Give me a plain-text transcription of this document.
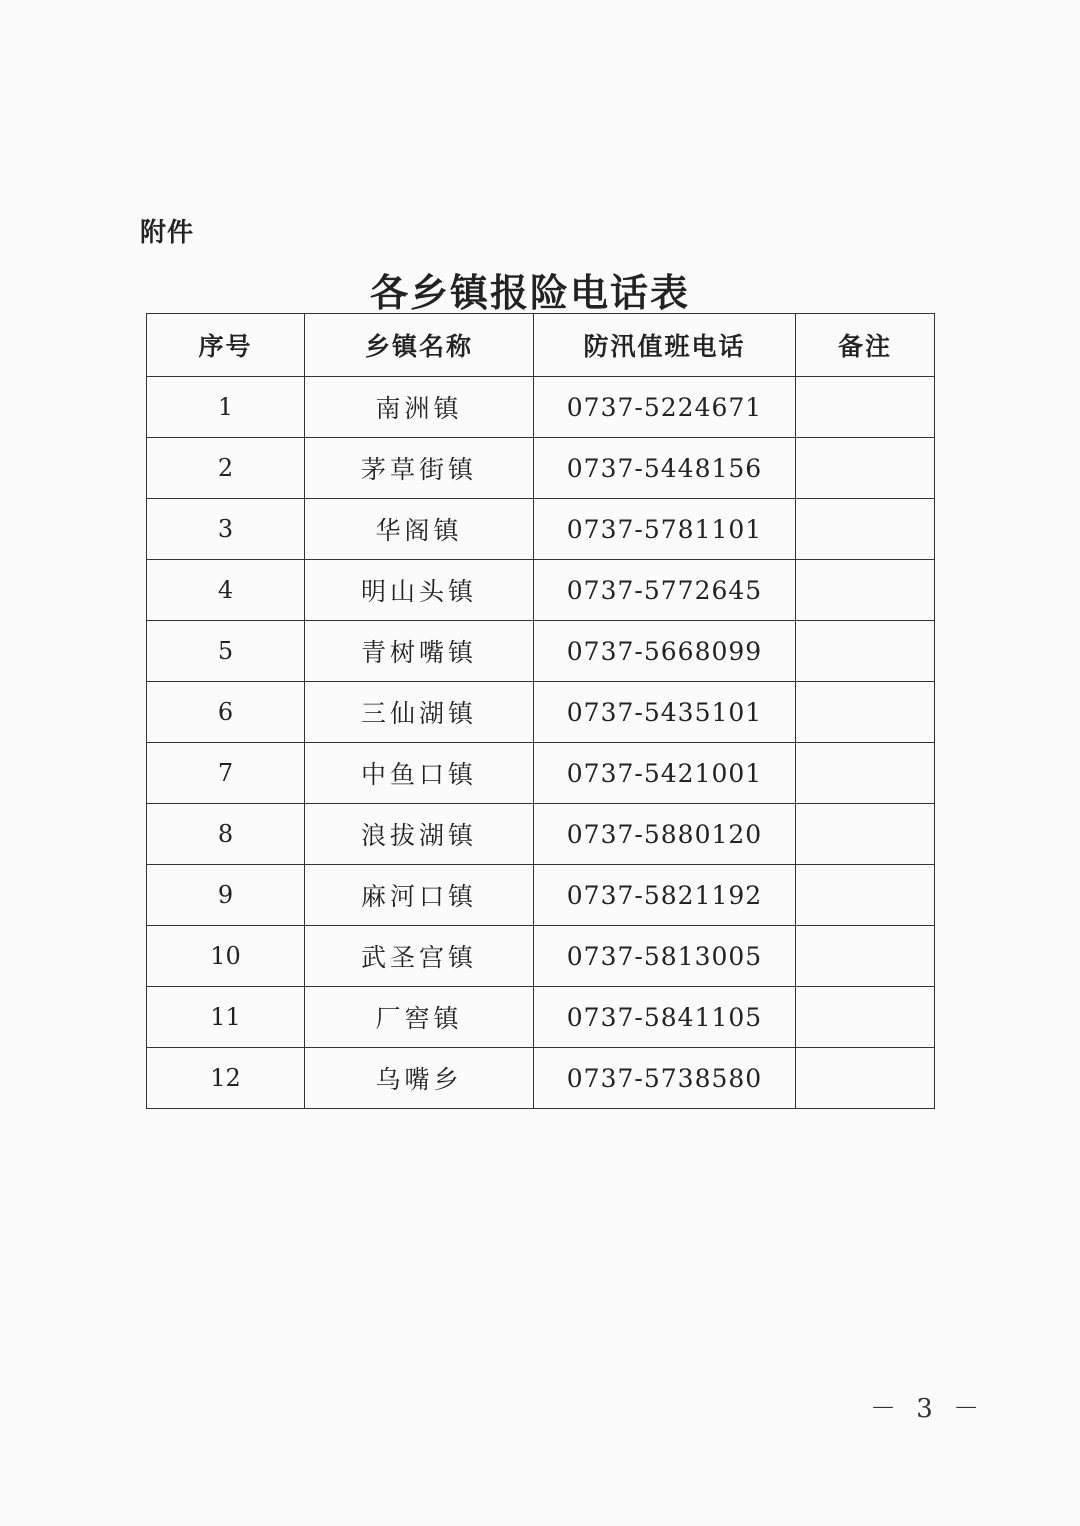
附件
各乡镇报险电话表
序号	乡镇名称	防汛值班电话	备注
1	南洲镇	0737-5224671	
2	茅草街镇	0737-5448156	
3	华阁镇	0737-5781101	
4	明山头镇	0737-5772645	
5	青树嘴镇	0737-5668099	
6	三仙湖镇	0737-5435101	
7	中鱼口镇	0737-5421001	
8	浪拔湖镇	0737-5880120	
9	麻河口镇	0737-5821192	
10	武圣宫镇	0737-5813005	
11	厂窖镇	0737-5841105	
12	乌嘴乡	0737-5738580	
－ 3 －
